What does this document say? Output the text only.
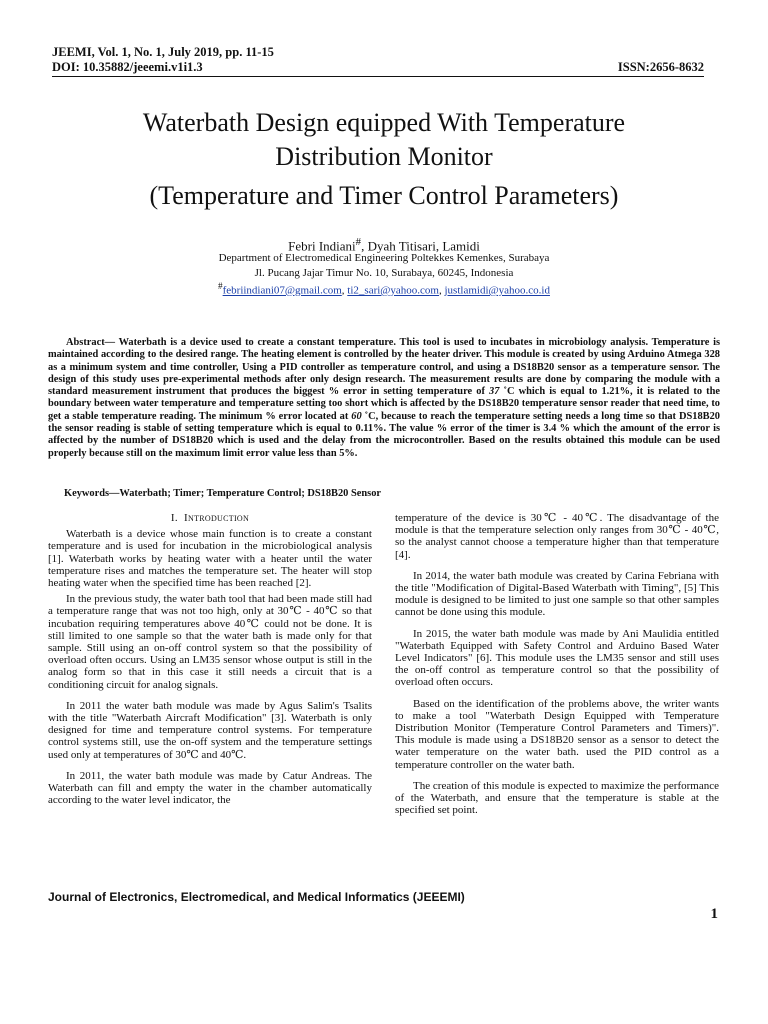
JEEMI, Vol. 1, No. 1, July 2019, pp. 11-15
DOI: 10.35882/jeeemi.v1i1.3	ISSN:2656-8632
Waterbath Design equipped With Temperature
Distribution Monitor
(Temperature and Timer Control Parameters)
Febri Indiani#, Dyah Titisari, Lamidi
Department of Electromedical Engineering Poltekkes Kemenkes, Surabaya
Jl. Pucang Jajar Timur No. 10, Surabaya, 60245, Indonesia
#febriindiani07@gmail.com, ti2_sari@yahoo.com, justlamidi@yahoo.co.id

Abstract— Waterbath is a device used to create a constant temperature. This tool is used to incubates in microbiology analysis. Temperature is maintained according to the desired range. The heating element is controlled by the heater driver. This module is created by using Arduino Atmega 328 as a minimum system and time controller, Using a PID controller as temperature control, and using a DS18B20 sensor as a temperature sensor. The design of this study uses pre-experimental methods after only design research. The measurement results are done by comparing the module with a standard measurement instrument that produces the biggest % error in setting temperature of 37 ˚C which is equal to 1.21%, it is related to the boundary between water temperature and temperature setting too short which is affected by the DS18B20 temperature sensor reader that need time, to get a stable temperature reading. The minimum % error located at 60 ˚C, because to reach the temperature setting needs a long time so that DS18B20 the sensor reading is stable of setting temperature which is equal to 0.11%. The value % error of the timer is 3.4 % which the amount of the error is affected by the number of DS18B20 which is used and the delay from the microcontroller. Based on the results obtained this module can be used properly because still on the maximum limit error value less than 5%.

Keywords—Waterbath; Timer; Temperature Control; DS18B20 Sensor
I. Introduction

Waterbath is a device whose main function is to create a constant temperature and is used for incubation in the microbiological analysis [1]. Waterbath works by heating water with a heater until the water temperature rises and matches the temperature set. The heater will stop heating water when the specified time has been reached [2].

In the previous study, the water bath tool that had been made still had a temperature range that was not too high, only at 30℃ - 40℃ so that incubation requiring temperatures above 40℃ could not be done. It is still limited to one sample so that the water bath is made only for that sample. Still using an on-off control system so that the possibility of overload often occurs. Using an LM35 sensor whose output is still in the analog form so that in this case it still needs a circuit that is a conditioning circuit for analog signals.

In 2011 the water bath module was made by Agus Salim's Tsalits with the title "Waterbath Aircraft Modification" [3]. Waterbath is only designed for time and temperature control systems. For temperature control systems still, use the on-off system and the temperature settings used only at temperatures of 30℃ and 40℃.

In 2011, the water bath module was made by Catur Andreas. The Waterbath can fill and empty the water in the chamber automatically according to the water level indicator, the

temperature of the device is 30℃ - 40℃. The disadvantage of the module is that the temperature selection only ranges from 30℃ - 40℃, so the analyst cannot choose a temperature higher than that temperature [4].

In 2014, the water bath module was created by Carina Febriana with the title "Modification of Digital-Based Waterbath with Timing", [5] This module is designed to be limited to just one sample so that other samples cannot be done using this module.

In 2015, the water bath module was made by Ani Maulidia entitled "Waterbath Equipped with Safety Control and Arduino Based Water Level Indicators" [6]. This module uses the LM35 sensor and still uses the on-off control as temperature control so that the possibility of overload often occurs.

Based on the identification of the problems above, the writer wants to make a tool "Waterbath Design Equipped with Temperature Distribution Monitor (Temperature Control Parameters and Timers)". This module is made using a DS18B20 sensor as a sensor to detect the water temperature on the water bath. used the PID control as a temperature controller on the water bath.

The creation of this module is expected to maximize the performance of the Waterbath, and ensure that the temperature is stable at the specified set point.

Journal of Electronics, Electromedical, and Medical Informatics (JEEEMI)
1
